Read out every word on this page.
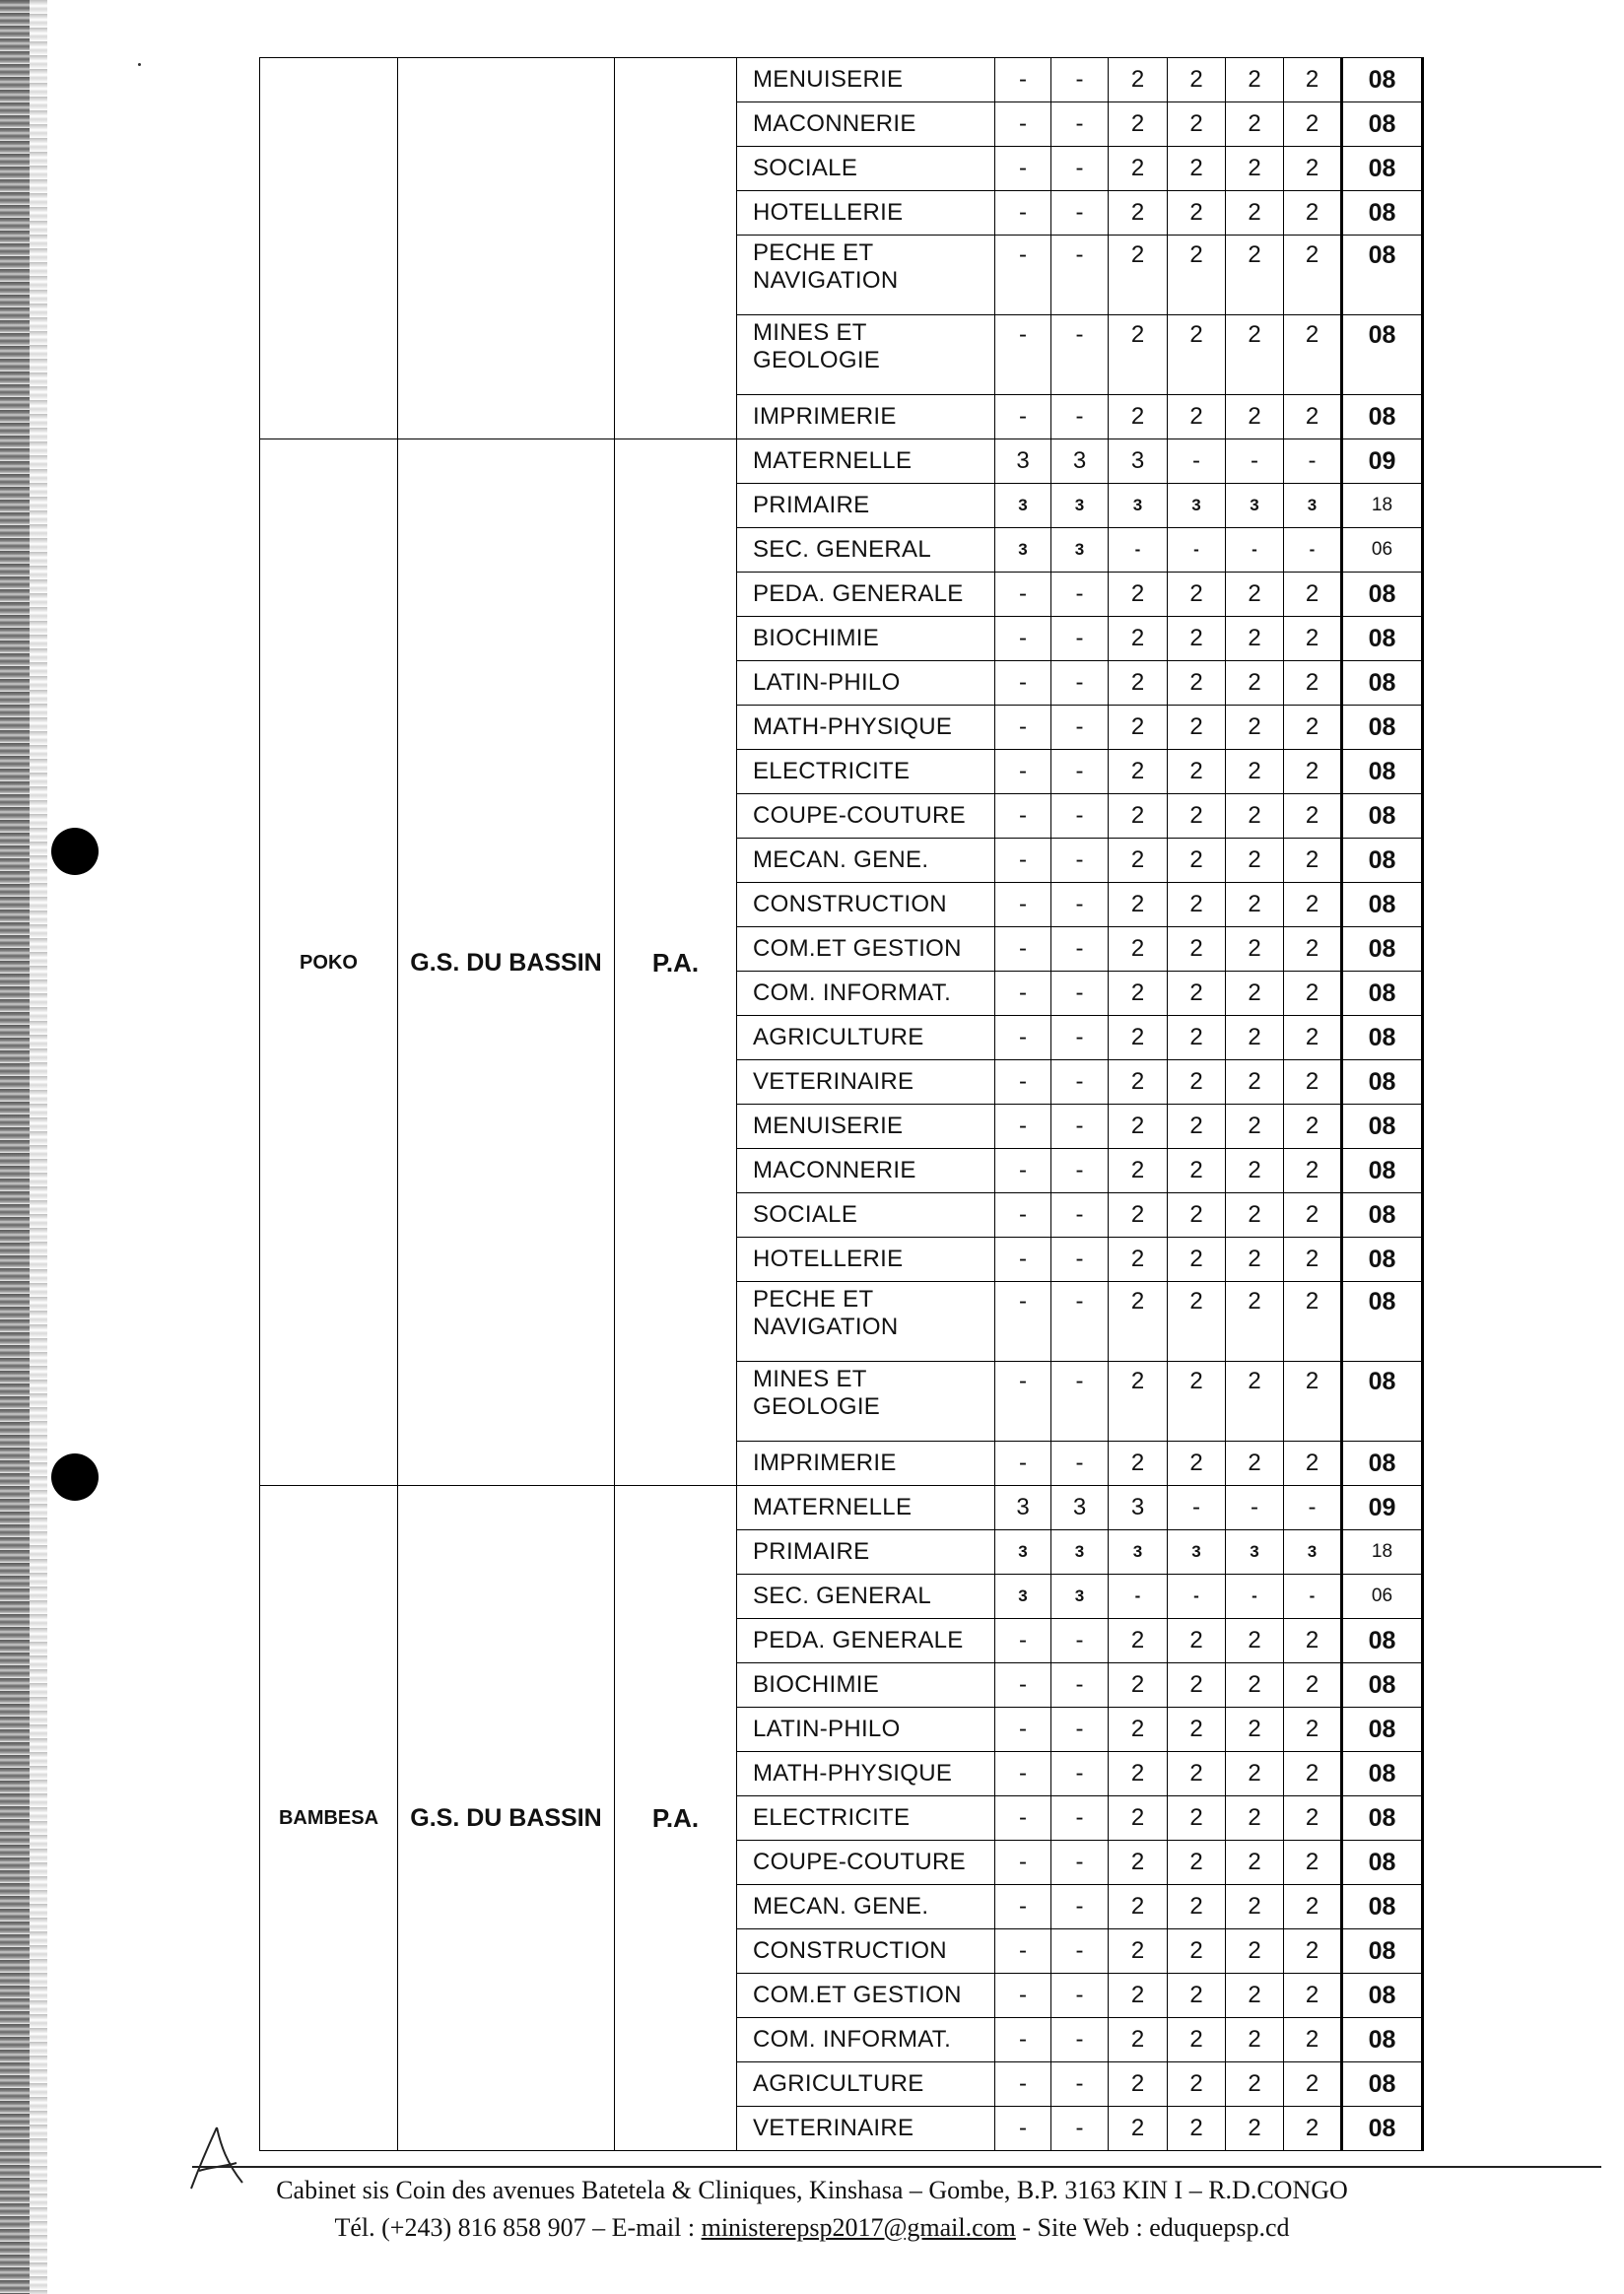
			MENUISERIE	-	-	2	2	2	2	08
			MACONNERIE	-	-	2	2	2	2	08
			SOCIALE	-	-	2	2	2	2	08
			HOTELLERIE	-	-	2	2	2	2	08
			PECHE ET NAVIGATION	-	-	2	2	2	2	08
			MINES ET GEOLOGIE	-	-	2	2	2	2	08
			IMPRIMERIE	-	-	2	2	2	2	08
POKO	G.S. DU BASSIN	P.A.	MATERNELLE	3	3	3	-	-	-	09
			PRIMAIRE	3	3	3	3	3	3	18
			SEC. GENERAL	3	3	-	-	-	-	06
			PEDA. GENERALE	-	-	2	2	2	2	08
			BIOCHIMIE	-	-	2	2	2	2	08
			LATIN-PHILO	-	-	2	2	2	2	08
			MATH-PHYSIQUE	-	-	2	2	2	2	08
			ELECTRICITE	-	-	2	2	2	2	08
			COUPE-COUTURE	-	-	2	2	2	2	08
			MECAN. GENE.	-	-	2	2	2	2	08
			CONSTRUCTION	-	-	2	2	2	2	08
			COM.ET GESTION	-	-	2	2	2	2	08
			COM. INFORMAT.	-	-	2	2	2	2	08
			AGRICULTURE	-	-	2	2	2	2	08
			VETERINAIRE	-	-	2	2	2	2	08
			MENUISERIE	-	-	2	2	2	2	08
			MACONNERIE	-	-	2	2	2	2	08
			SOCIALE	-	-	2	2	2	2	08
			HOTELLERIE	-	-	2	2	2	2	08
			PECHE ET NAVIGATION	-	-	2	2	2	2	08
			MINES ET GEOLOGIE	-	-	2	2	2	2	08
			IMPRIMERIE	-	-	2	2	2	2	08
BAMBESA	G.S. DU BASSIN	P.A.	MATERNELLE	3	3	3	-	-	-	09
			PRIMAIRE	3	3	3	3	3	3	18
			SEC. GENERAL	3	3	-	-	-	-	06
			PEDA. GENERALE	-	-	2	2	2	2	08
			BIOCHIMIE	-	-	2	2	2	2	08
			LATIN-PHILO	-	-	2	2	2	2	08
			MATH-PHYSIQUE	-	-	2	2	2	2	08
			ELECTRICITE	-	-	2	2	2	2	08
			COUPE-COUTURE	-	-	2	2	2	2	08
			MECAN. GENE.	-	-	2	2	2	2	08
			CONSTRUCTION	-	-	2	2	2	2	08
			COM.ET GESTION	-	-	2	2	2	2	08
			COM. INFORMAT.	-	-	2	2	2	2	08
			AGRICULTURE	-	-	2	2	2	2	08
			VETERINAIRE	-	-	2	2	2	2	08
Cabinet sis Coin des avenues Batetela & Cliniques, Kinshasa – Gombe, B.P. 3163 KIN I – R.D.CONGO
Tél. (+243) 816 858 907 – E-mail : ministerepsp2017@gmail.com - Site Web : eduquepsp.cd
